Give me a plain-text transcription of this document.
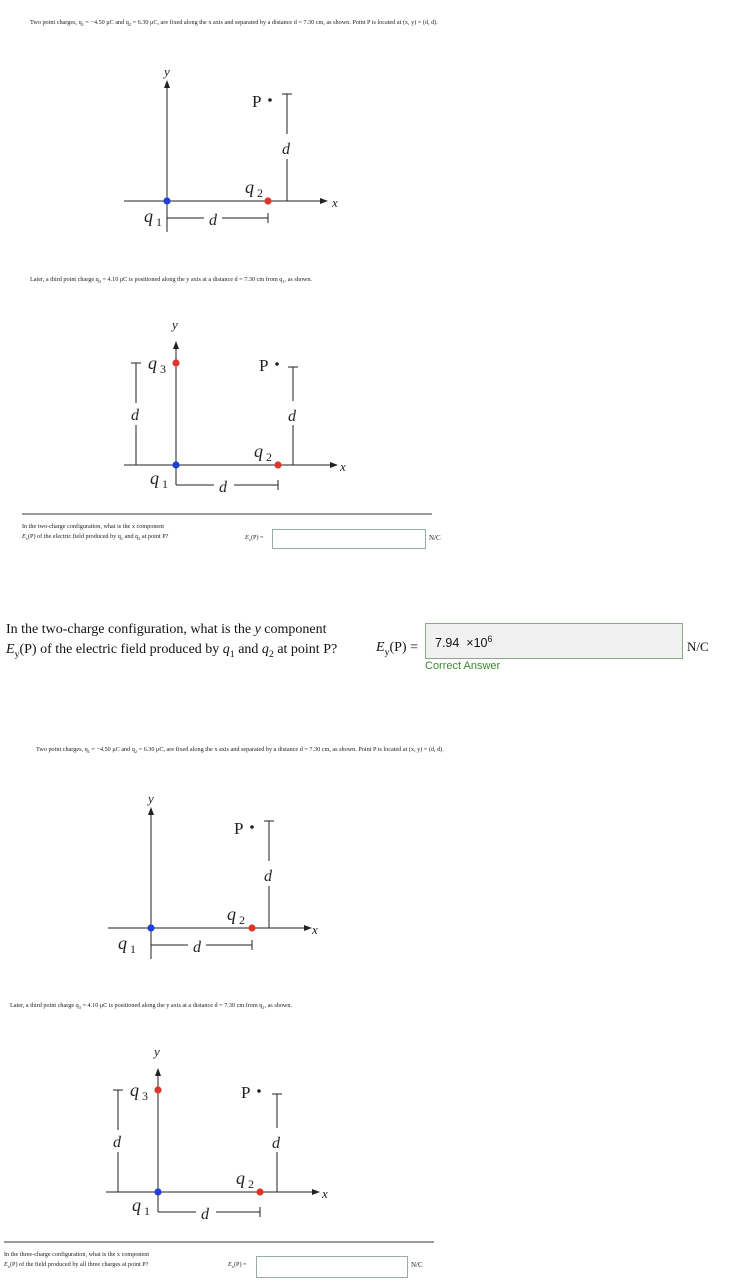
Two point charges, $q_1 = -4.50$ μC and $q_2 = 6.30$ μC, are fixed along the x axis and separated by a distance d = 7.30 cm, as shown. Point P is located at (x, y) = (d, d).
y
x
q 1
q 2
d
P
d
Later, a third point charge $q_3 = 4.10$ μC is positioned along the y axis at a distance d = 7.30 cm from $q_1$, as shown.
y
x
q 3
d
q 1
q 2
d
P
d
In the two-charge configuration, what is the x component
$E_x(P)$ of the electric field produced by $q_1$ and $q_2$ at point P?	$E_x(P)$ =	N/C
In the two-charge configuration, what is the y component
$E_y(P)$ of the electric field produced by $q_1$ and $q_2$ at point P?	$E_y(P) = 7.94 \times 10^6$	N/C
Correct Answer
Two point charges, $q_1 = -4.50$ μC and $q_2 = 6.30$ μC, are fixed along the x axis and separated by a distance d = 7.30 cm, as shown. Point P is located at (x, y) = (d, d).
y
x
q 1
q 2
d
P
d
Later, a third point charge $q_3 = 4.10$ μC is positioned along the y axis at a distance d = 7.30 cm from $q_1$, as shown.
y
x
q 3
d
q 1
q 2
d
P
d
In the three-charge configuration, what is the x component
$E_x(P)$ of the field produced by all three charges at point P?	$E_x(P)$ =	N/C
